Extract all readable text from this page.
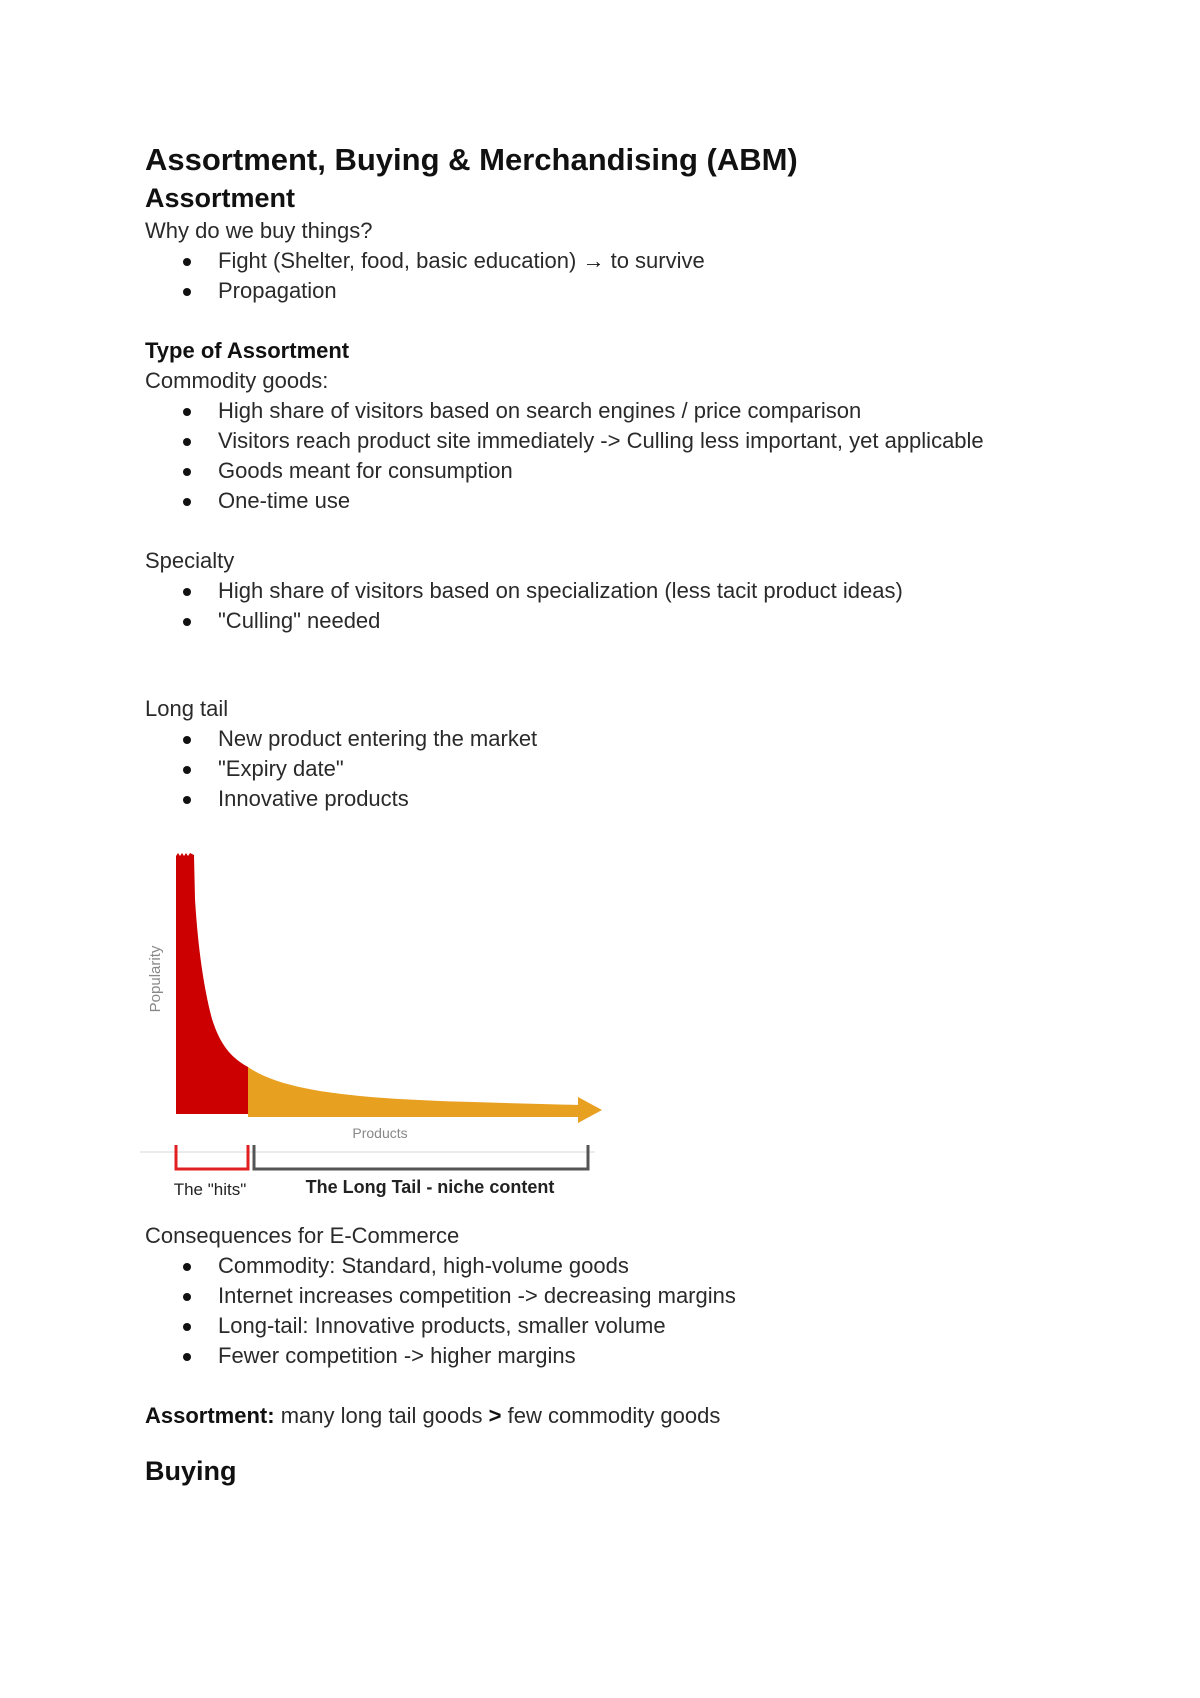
Assortment, Buying & Merchandising (ABM)
Assortment

Why do we buy things?

Fight (Shelter, food, basic education) → to survive
Propagation
Type of Assortment

Commodity goods:

High share of visitors based on search engines / price comparison
Visitors reach product site immediately -> Culling less important, yet applicable
Goods meant for consumption
One-time use

Specialty

High share of visitors based on specialization (less tacit product ideas)
"Culling" needed

Long tail

New product entering the market
"Expiry date"
Innovative products
Popularity
Products
The "hits"	The Long Tail - niche content

Consequences for E-Commerce

Commodity: Standard, high-volume goods
Internet increases competition -> decreasing margins
Long-tail: Innovative products, smaller volume
Fewer competition -> higher margins

Assortment: many long tail goods > few commodity goods

Buying
